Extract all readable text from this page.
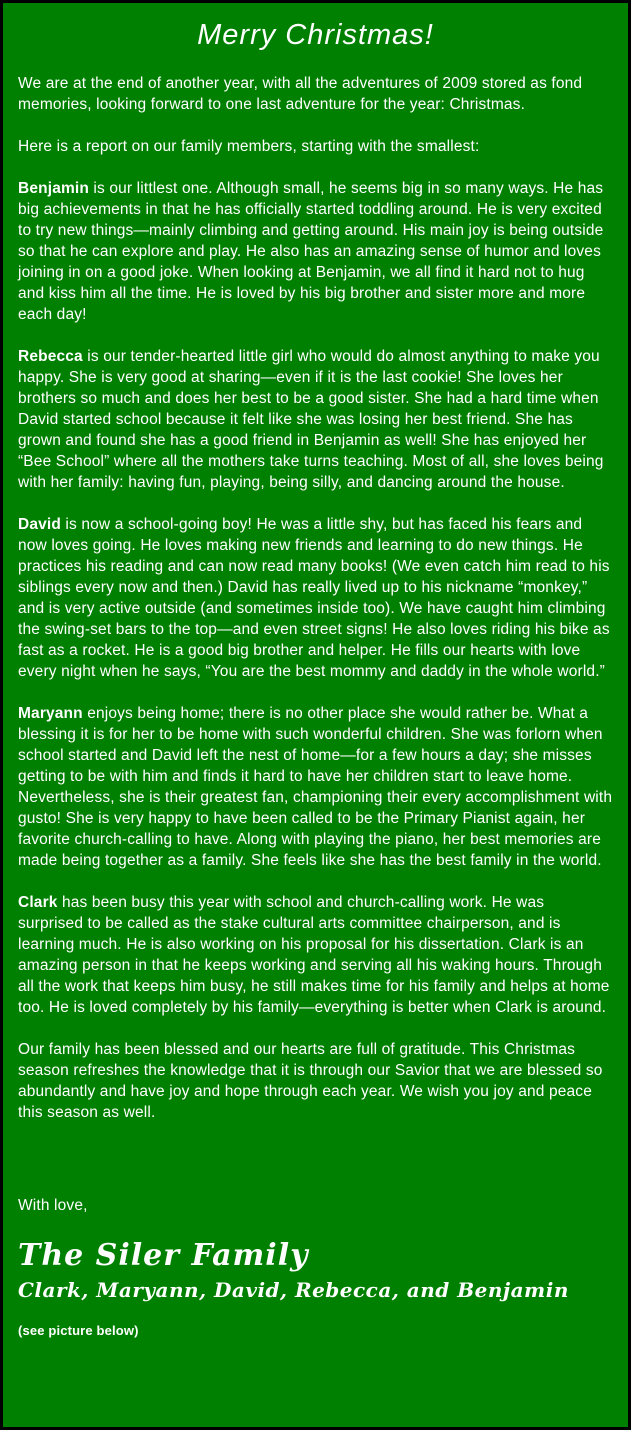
Merry Christmas!

We are at the end of another year, with all the adventures of 2009 stored as fond memories, looking forward to one last adventure for the year: Christmas.

Here is a report on our family members, starting with the smallest:

Benjamin is our littlest one. Although small, he seems big in so many ways. He has big achievements in that he has officially started toddling around. He is very excited to try new things—mainly climbing and getting around. His main joy is being outside so that he can explore and play. He also has an amazing sense of humor and loves joining in on a good joke. When looking at Benjamin, we all find it hard not to hug and kiss him all the time. He is loved by his big brother and sister more and more each day!

Rebecca is our tender-hearted little girl who would do almost anything to make you happy. She is very good at sharing—even if it is the last cookie! She loves her brothers so much and does her best to be a good sister. She had a hard time when David started school because it felt like she was losing her best friend. She has grown and found she has a good friend in Benjamin as well! She has enjoyed her “Bee School” where all the mothers take turns teaching. Most of all, she loves being with her family: having fun, playing, being silly, and dancing around the house.

David is now a school-going boy! He was a little shy, but has faced his fears and now loves going. He loves making new friends and learning to do new things. He practices his reading and can now read many books! (We even catch him read to his siblings every now and then.) David has really lived up to his nickname “monkey,” and is very active outside (and sometimes inside too). We have caught him climbing the swing-set bars to the top—and even street signs! He also loves riding his bike as fast as a rocket. He is a good big brother and helper. He fills our hearts with love every night when he says, “You are the best mommy and daddy in the whole world.”

Maryann enjoys being home; there is no other place she would rather be. What a blessing it is for her to be home with such wonderful children. She was forlorn when school started and David left the nest of home—for a few hours a day; she misses getting to be with him and finds it hard to have her children start to leave home. Nevertheless, she is their greatest fan, championing their every accomplishment with gusto! She is very happy to have been called to be the Primary Pianist again, her favorite church-calling to have. Along with playing the piano, her best memories are made being together as a family. She feels like she has the best family in the world.

Clark has been busy this year with school and church-calling work. He was surprised to be called as the stake cultural arts committee chairperson, and is learning much. He is also working on his proposal for his dissertation. Clark is an amazing person in that he keeps working and serving all his waking hours. Through all the work that keeps him busy, he still makes time for his family and helps at home too. He is loved completely by his family—everything is better when Clark is around.

Our family has been blessed and our hearts are full of gratitude. This Christmas season refreshes the knowledge that it is through our Savior that we are blessed so abundantly and have joy and hope through each year. We wish you joy and peace this season as well.

With love,

The Siler Family
Clark, Maryann, David, Rebecca, and Benjamin
(see picture below)
